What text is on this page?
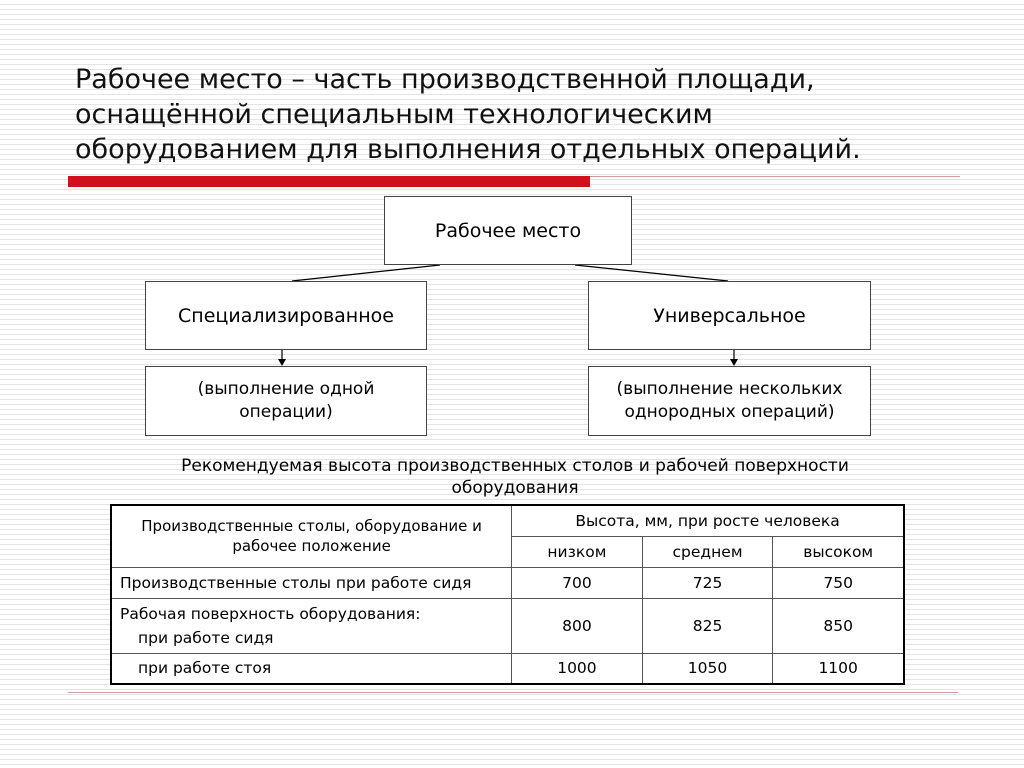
Рабочее место – часть производственной площади,
оснащённой специальным технологическим
оборудованием для выполнения отдельных операций.
Рабочее место
Специализированное	Универсальное
(выполнение одной операции)
(выполнение нескольких однородных операций)
Рекомендуемая высота производственных столов и рабочей поверхности оборудования
Производственные столы, оборудование и рабочее положение	Высота, мм, при росте человека		
	низком	среднем	высоком
Производственные столы при работе сидя	700	725	750

Рабочая поверхность оборудования:
при работе сидя	800	825	850
при работе стоя	1000	1050	1100
